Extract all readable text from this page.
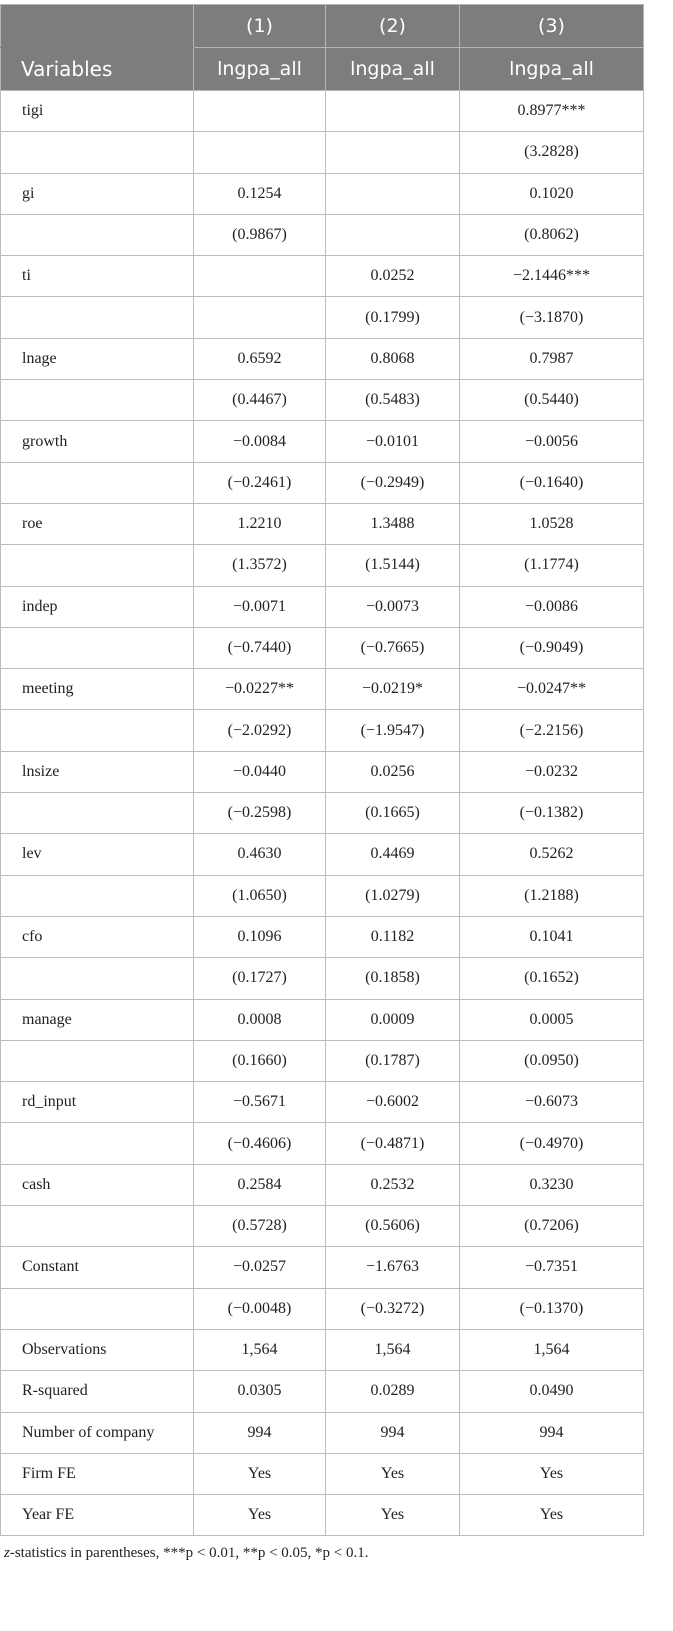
	(1)	(2)	(3)
Variables	lngpa_all	lngpa_all	lngpa_all
tigi			0.8977***
			(3.2828)
gi	0.1254		0.1020
	(0.9867)		(0.8062)
ti		0.0252	−2.1446***
		(0.1799)	(−3.1870)
lnage	0.6592	0.8068	0.7987
	(0.4467)	(0.5483)	(0.5440)
growth	−0.0084	−0.0101	−0.0056
	(−0.2461)	(−0.2949)	(−0.1640)
roe	1.2210	1.3488	1.0528
	(1.3572)	(1.5144)	(1.1774)
indep	−0.0071	−0.0073	−0.0086
	(−0.7440)	(−0.7665)	(−0.9049)
meeting	−0.0227**	−0.0219*	−0.0247**
	(−2.0292)	(−1.9547)	(−2.2156)
lnsize	−0.0440	0.0256	−0.0232
	(−0.2598)	(0.1665)	(−0.1382)
lev	0.4630	0.4469	0.5262
	(1.0650)	(1.0279)	(1.2188)
cfo	0.1096	0.1182	0.1041
	(0.1727)	(0.1858)	(0.1652)
manage	0.0008	0.0009	0.0005
	(0.1660)	(0.1787)	(0.0950)
rd_input	−0.5671	−0.6002	−0.6073
	(−0.4606)	(−0.4871)	(−0.4970)
cash	0.2584	0.2532	0.3230
	(0.5728)	(0.5606)	(0.7206)
Constant	−0.0257	−1.6763	−0.7351
	(−0.0048)	(−0.3272)	(−0.1370)
Observations	1,564	1,564	1,564
R-squared	0.0305	0.0289	0.0490
Number of company	994	994	994
Firm FE	Yes	Yes	Yes
Year FE	Yes	Yes	Yes
z-statistics in parentheses, ***p < 0.01, **p < 0.05, *p < 0.1.
